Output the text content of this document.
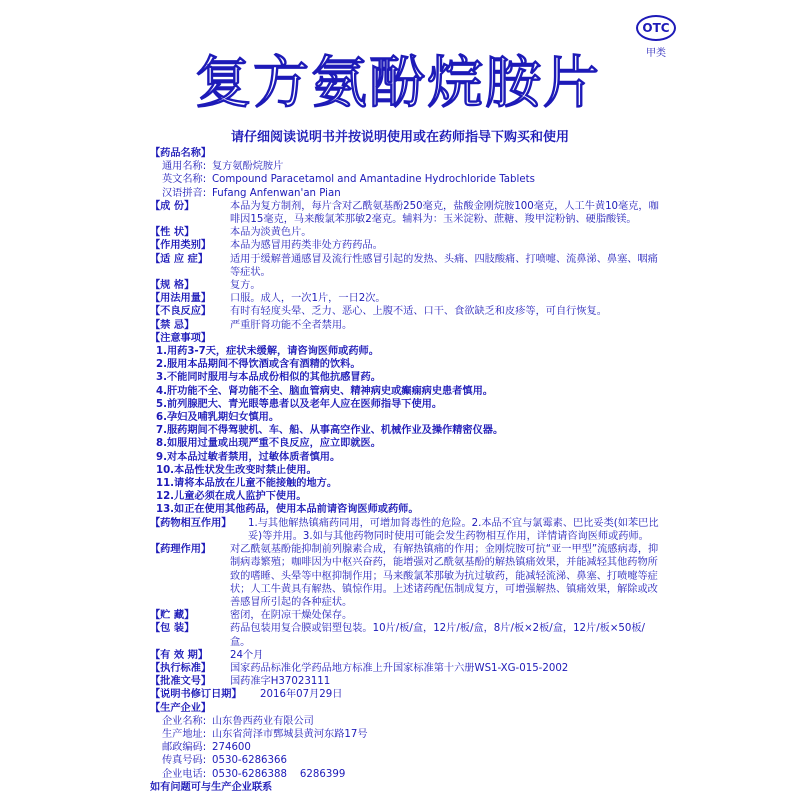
OTC
甲类
复方氨酚烷胺片
请仔细阅读说明书并按说明使用或在药师指导下购买和使用
【药品名称】
通用名称: 复方氨酚烷胺片
英文名称: Compound Paracetamol and Amantadine Hydrochloride Tablets
汉语拼音: Fufang Anfenwan'an Pian
【成 份】	本品为复方制剂，每片含对乙酰氨基酚250毫克，盐酸金刚烷胺100毫克，人工牛黄10毫克，咖啡因15毫克，马来酸氯苯那敏2毫克。辅料为：玉米淀粉、蔗糖、羧甲淀粉钠、硬脂酸镁。
【性 状】	本品为淡黄色片。
【作用类别】	本品为感冒用药类非处方药药品。
【适 应 症】	适用于缓解普通感冒及流行性感冒引起的发热、头痛、四肢酸痛、打喷嚏、流鼻涕、鼻塞、咽痛等症状。
【规 格】	复方。
【用法用量】	口服。成人，一次1片，一日2次。
【不良反应】	有时有轻度头晕、乏力、恶心、上腹不适、口干、食欲缺乏和皮疹等，可自行恢复。
【禁 忌】	严重肝肾功能不全者禁用。
【注意事项】
1.用药3-7天，症状未缓解，请咨询医师或药师。
2.服用本品期间不得饮酒或含有酒精的饮料。
3.不能同时服用与本品成份相似的其他抗感冒药。
4.肝功能不全、肾功能不全、脑血管病史、精神病史或癫痫病史患者慎用。
5.前列腺肥大、青光眼等患者以及老年人应在医师指导下使用。
6.孕妇及哺乳期妇女慎用。
7.服药期间不得驾驶机、车、船、从事高空作业、机械作业及操作精密仪器。
8.如服用过量或出现严重不良反应，应立即就医。
9.对本品过敏者禁用，过敏体质者慎用。
10.本品性状发生改变时禁止使用。
11.请将本品放在儿童不能接触的地方。
12.儿童必须在成人监护下使用。
13.如正在使用其他药品，使用本品前请咨询医师或药师。
【药物相互作用】	1.与其他解热镇痛药同用，可增加肾毒性的危险。2.本品不宜与氯霉素、巴比妥类(如苯巴比妥)等并用。3.如与其他药物同时使用可能会发生药物相互作用，详情请咨询医师或药师。
【药理作用】	对乙酰氨基酚能抑制前列腺素合成，有解热镇痛的作用；金刚烷胺可抗“亚一甲型”流感病毒，抑制病毒繁殖；咖啡因为中枢兴奋药，能增强对乙酰氨基酚的解热镇痛效果，并能减轻其他药物所致的嗜睡、头晕等中枢抑制作用；马来酸氯苯那敏为抗过敏药，能减轻流涕、鼻塞、打喷嚏等症状；人工牛黄具有解热、镇惊作用。上述诸药配伍制成复方，可增强解热、镇痛效果，解除或改善感冒所引起的各种症状。
【贮 藏】	密闭，在阴凉干燥处保存。
【包 装】	药品包装用复合膜或铝塑包装。10片/板/盒，12片/板/盒，8片/板×2板/盒，12片/板×50板/盒。
【有 效 期】	24个月
【执行标准】	国家药品标准化学药品地方标准上升国家标准第十六册WS1-XG-015-2002
【批准文号】	国药准字H37023111
【说明书修订日期】	2016年07月29日
【生产企业】
企业名称: 山东鲁西药业有限公司
生产地址: 山东省菏泽市鄄城县黄河东路17号
邮政编码: 274600
传真号码: 0530-6286366
企业电话: 0530-6286388    6286399
如有问题可与生产企业联系
